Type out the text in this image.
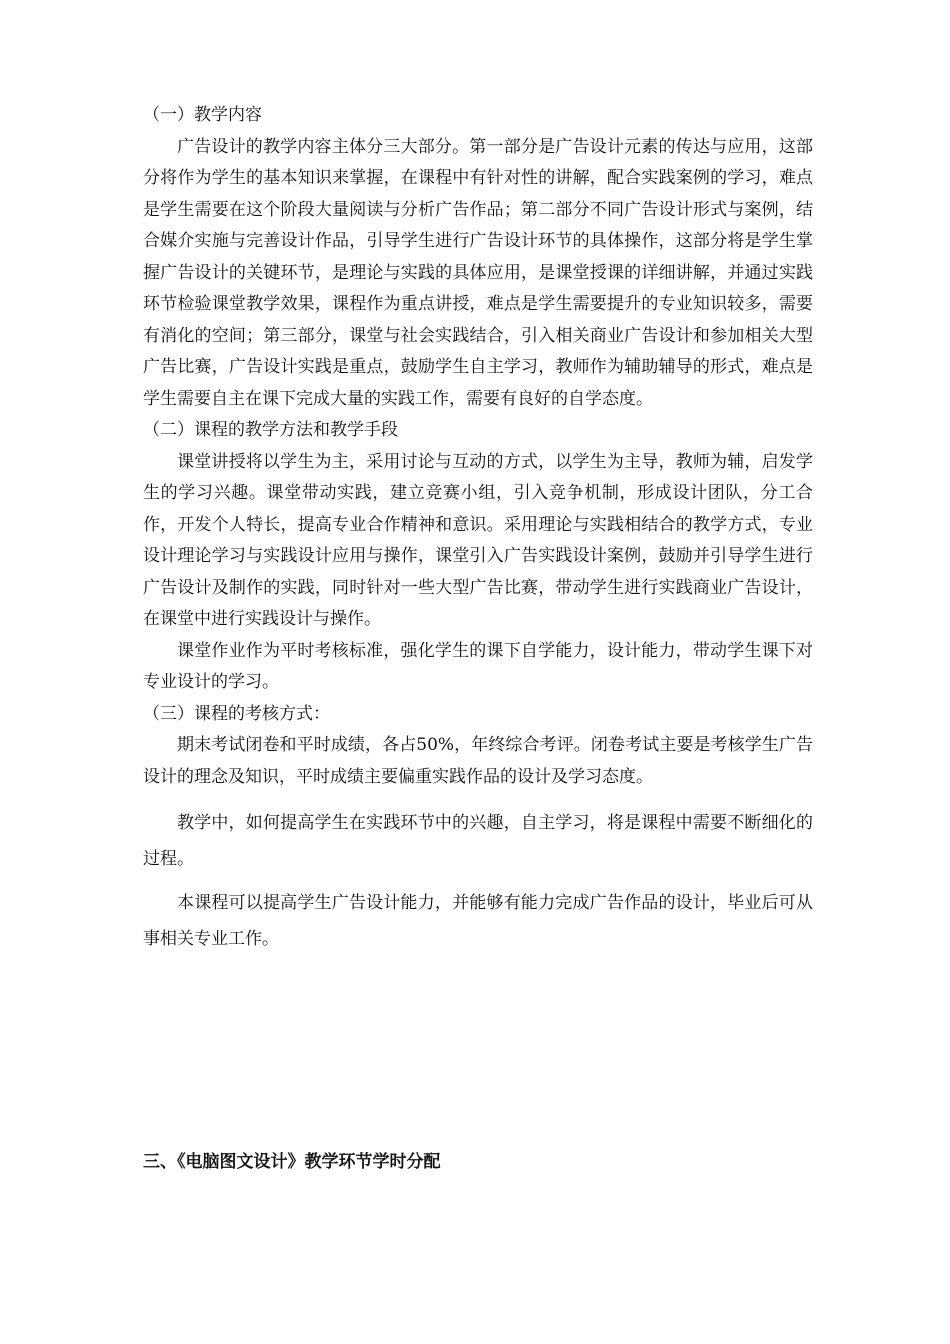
（一）教学内容

广告设计的教学内容主体分三大部分。第一部分是广告设计元素的传达与应用，这部分将作为学生的基本知识来掌握，在课程中有针对性的讲解，配合实践案例的学习，难点是学生需要在这个阶段大量阅读与分析广告作品；第二部分不同广告设计形式与案例，结合媒介实施与完善设计作品，引导学生进行广告设计环节的具体操作，这部分将是学生掌握广告设计的关键环节，是理论与实践的具体应用，是课堂授课的详细讲解，并通过实践环节检验课堂教学效果，课程作为重点讲授，难点是学生需要提升的专业知识较多，需要有消化的空间；第三部分，课堂与社会实践结合，引入相关商业广告设计和参加相关大型广告比赛，广告设计实践是重点，鼓励学生自主学习，教师作为辅助辅导的形式，难点是学生需要自主在课下完成大量的实践工作，需要有良好的自学态度。

（二）课程的教学方法和教学手段

课堂讲授将以学生为主，采用讨论与互动的方式，以学生为主导，教师为辅，启发学生的学习兴趣。课堂带动实践，建立竞赛小组，引入竞争机制，形成设计团队，分工合作，开发个人特长，提高专业合作精神和意识。采用理论与实践相结合的教学方式，专业设计理论学习与实践设计应用与操作，课堂引入广告实践设计案例，鼓励并引导学生进行广告设计及制作的实践，同时针对一些大型广告比赛，带动学生进行实践商业广告设计，在课堂中进行实践设计与操作。

课堂作业作为平时考核标准，强化学生的课下自学能力，设计能力，带动学生课下对专业设计的学习。

（三）课程的考核方式：

期末考试闭卷和平时成绩，各占50%，年终综合考评。闭卷考试主要是考核学生广告设计的理念及知识，平时成绩主要偏重实践作品的设计及学习态度。

教学中，如何提高学生在实践环节中的兴趣，自主学习，将是课程中需要不断细化的过程。

本课程可以提高学生广告设计能力，并能够有能力完成广告作品的设计，毕业后可从事相关专业工作。

三、《电脑图文设计》教学环节学时分配
